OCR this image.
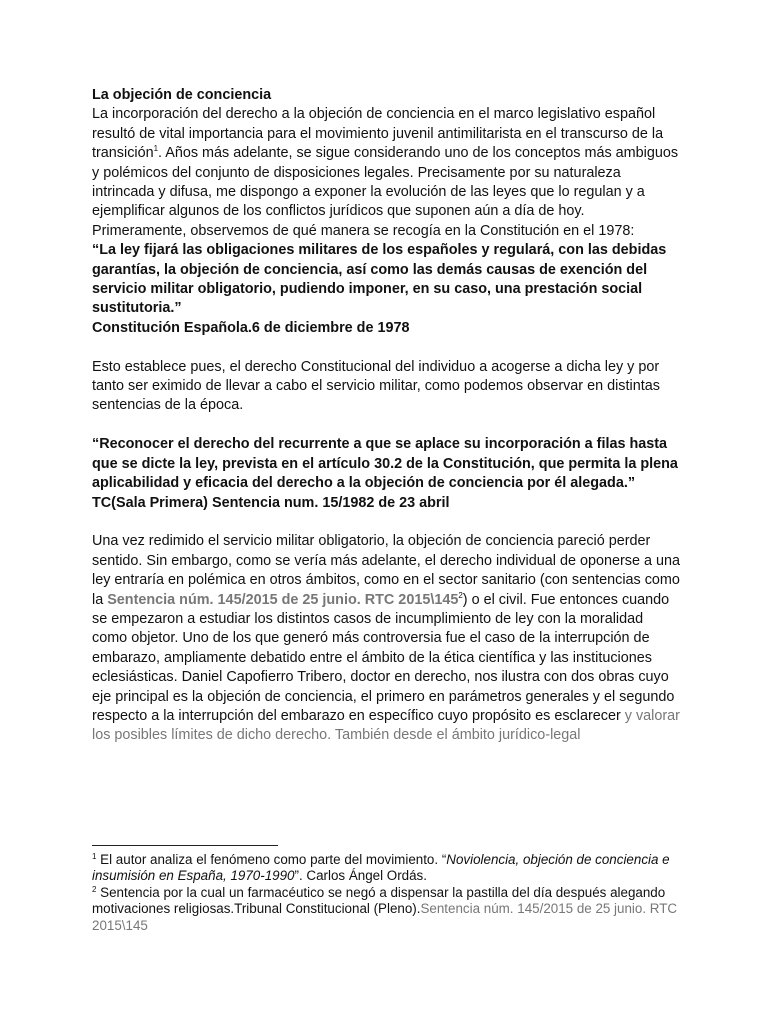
La objeción de conciencia

La incorporación del derecho a la objeción de conciencia en el marco legislativo español resultó de vital importancia para el movimiento juvenil antimilitarista en el transcurso de la transición$^1$. Años más adelante, se sigue considerando uno de los conceptos más ambiguos y polémicos del conjunto de disposiciones legales. Precisamente por su naturaleza intrincada y difusa, me dispongo a exponer la evolución de las leyes que lo regulan y a ejemplificar algunos de los conflictos jurídicos que suponen aún a día de hoy.

Primeramente, observemos de qué manera se recogía en la Constitución en el 1978:

“La ley fijará las obligaciones militares de los españoles y regulará, con las debidas garantías, la objeción de conciencia, así como las demás causas de exención del servicio militar obligatorio, pudiendo imponer, en su caso, una prestación social sustitutoria.”

Constitución Española.6 de diciembre de 1978

Esto establece pues, el derecho Constitucional del individuo a acogerse a dicha ley y por tanto ser eximido de llevar a cabo el servicio militar, como podemos observar en distintas sentencias de la época.

“Reconocer el derecho del recurrente a que se aplace su incorporación a filas hasta que se dicte la ley, prevista en el artículo 30.2 de la Constitución, que permita la plena aplicabilidad y eficacia del derecho a la objeción de conciencia por él alegada.”

TC(Sala Primera) Sentencia num. 15/1982 de 23 abril

Una vez redimido el servicio militar obligatorio, la objeción de conciencia pareció perder sentido. Sin embargo, como se vería más adelante, el derecho individual de oponerse a una ley entraría en polémica en otros ámbitos, como en el sector sanitario (con sentencias como la Sentencia núm. 145/2015 de 25 junio. RTC $2015\backslash 145^2$) o el civil. Fue entonces cuando se empezaron a estudiar los distintos casos de incumplimiento de ley con la moralidad como objetor. Uno de los que generó más controversia fue el caso de la interrupción de embarazo, ampliamente debatido entre el ámbito de la ética científica y las instituciones eclesiásticas. Daniel Capofierro Tribero, doctor en derecho, nos ilustra con dos obras cuyo eje principal es la objeción de conciencia, el primero en parámetros generales y el segundo respecto a la interrupción del embarazo en específico cuyo propósito es esclarecer y valorar los posibles límites de dicho derecho. También desde el ámbito jurídico-legal

$^1$ El autor analiza el fenómeno como parte del movimiento. “Noviolencia, objeción de conciencia e insumisión en España, 1970-1990”. Carlos Ángel Ordás.

$^2$ Sentencia por la cual un farmacéutico se negó a dispensar la pastilla del día después alegando motivaciones religiosas.Tribunal Constitucional (Pleno).Sentencia núm. 145/2015 de 25 junio. RTC 2015\145
